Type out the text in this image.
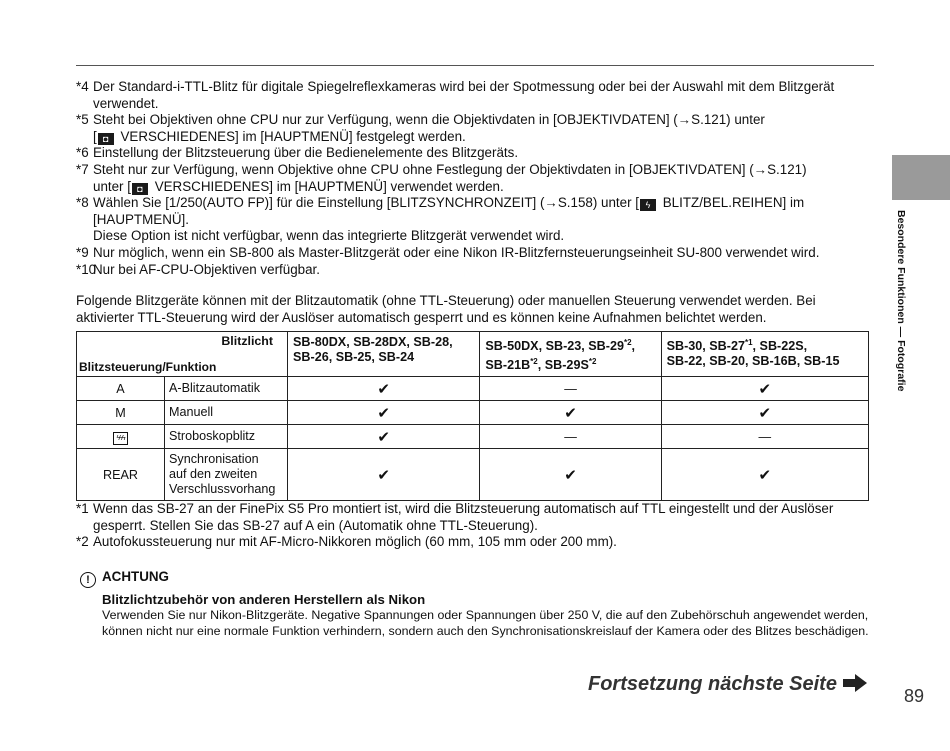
*4 Der Standard-i-TTL-Blitz für digitale Spiegelreflexkameras wird bei der Spotmessung oder bei der Auswahl mit dem Blitzgerät verwendet.
*5 Steht bei Objektiven ohne CPU nur zur Verfügung, wenn die Objektivdaten in [OBJEKTIVDATEN] (→S.121) unter
[ ◘ VERSCHIEDENES] im [HAUPTMENÜ] festgelegt werden.
*6 Einstellung der Blitzsteuerung über die Bedienelemente des Blitzgeräts.
*7 Steht nur zur Verfügung, wenn Objektive ohne CPU ohne Festlegung der Objektivdaten in [OBJEKTIVDATEN] (→S.121)
unter [ ◘ VERSCHIEDENES] im [HAUPTMENÜ] verwendet werden.
*8 Wählen Sie [1/250(AUTO FP)] für die Einstellung [BLITZSYNCHRONZEIT] (→S.158) unter [ ϟ BLITZ/BEL.REIHEN] im
[HAUPTMENÜ].
Diese Option ist nicht verfügbar, wenn das integrierte Blitzgerät verwendet wird.
*9 Nur möglich, wenn ein SB-800 als Master-Blitzgerät oder eine Nikon IR-Blitzfernsteuerungseinheit SU-800 verwendet wird.
*10
Nur bei AF-CPU-Objektiven verfügbar.
Folgende Blitzgeräte können mit der Blitzautomatik (ohne TTL-Steuerung) oder manuellen Steuerung verwendet werden. Bei aktivierter TTL-Steuerung wird der Auslöser automatisch gesperrt und es können keine Aufnahmen belichtet werden.
Blitzlicht
Blitzsteuerung/Funktion		SB-80DX, SB-28DX, SB-28,
SB-26, SB-25, SB-24	SB-50DX, SB-23, SB-29$^{*2}$,
$SB-21B^{*2}$, $SB-29S^{*2}$	SB-30, SB-27$^{*1}$, SB-22S,
SB-22, SB-20, SB-16B, SB-15
A	A-Blitzautomatik	✔	—	✔
M	Manuell	✔	✔	✔
ϟϟϟ	Stroboskopblitz	✔	—	—
REAR	Synchronisation
auf den zweiten
Verschlussvorhang	✔	✔	✔
*1 Wenn das SB-27 an der FinePix S5 Pro montiert ist, wird die Blitzsteuerung automatisch auf TTL eingestellt und der Auslöser gesperrt. Stellen Sie das SB-27 auf A ein (Automatik ohne TTL-Steuerung).
*2 Autofokussteuerung nur mit AF-Micro-Nikkoren möglich (60 mm, 105 mm oder 200 mm).
! ACHTUNG
Blitzlichtzubehör von anderen Herstellern als Nikon
Verwenden Sie nur Nikon-Blitzgeräte. Negative Spannungen oder Spannungen über 250 V, die auf den Zubehörschuh angewendet werden, können nicht nur eine normale Funktion verhindern, sondern auch den Synchronisationskreislauf der Kamera oder des Blitzes beschädigen.
Fortsetzung nächste Seite
89
Besondere Funktionen — Fotografie
